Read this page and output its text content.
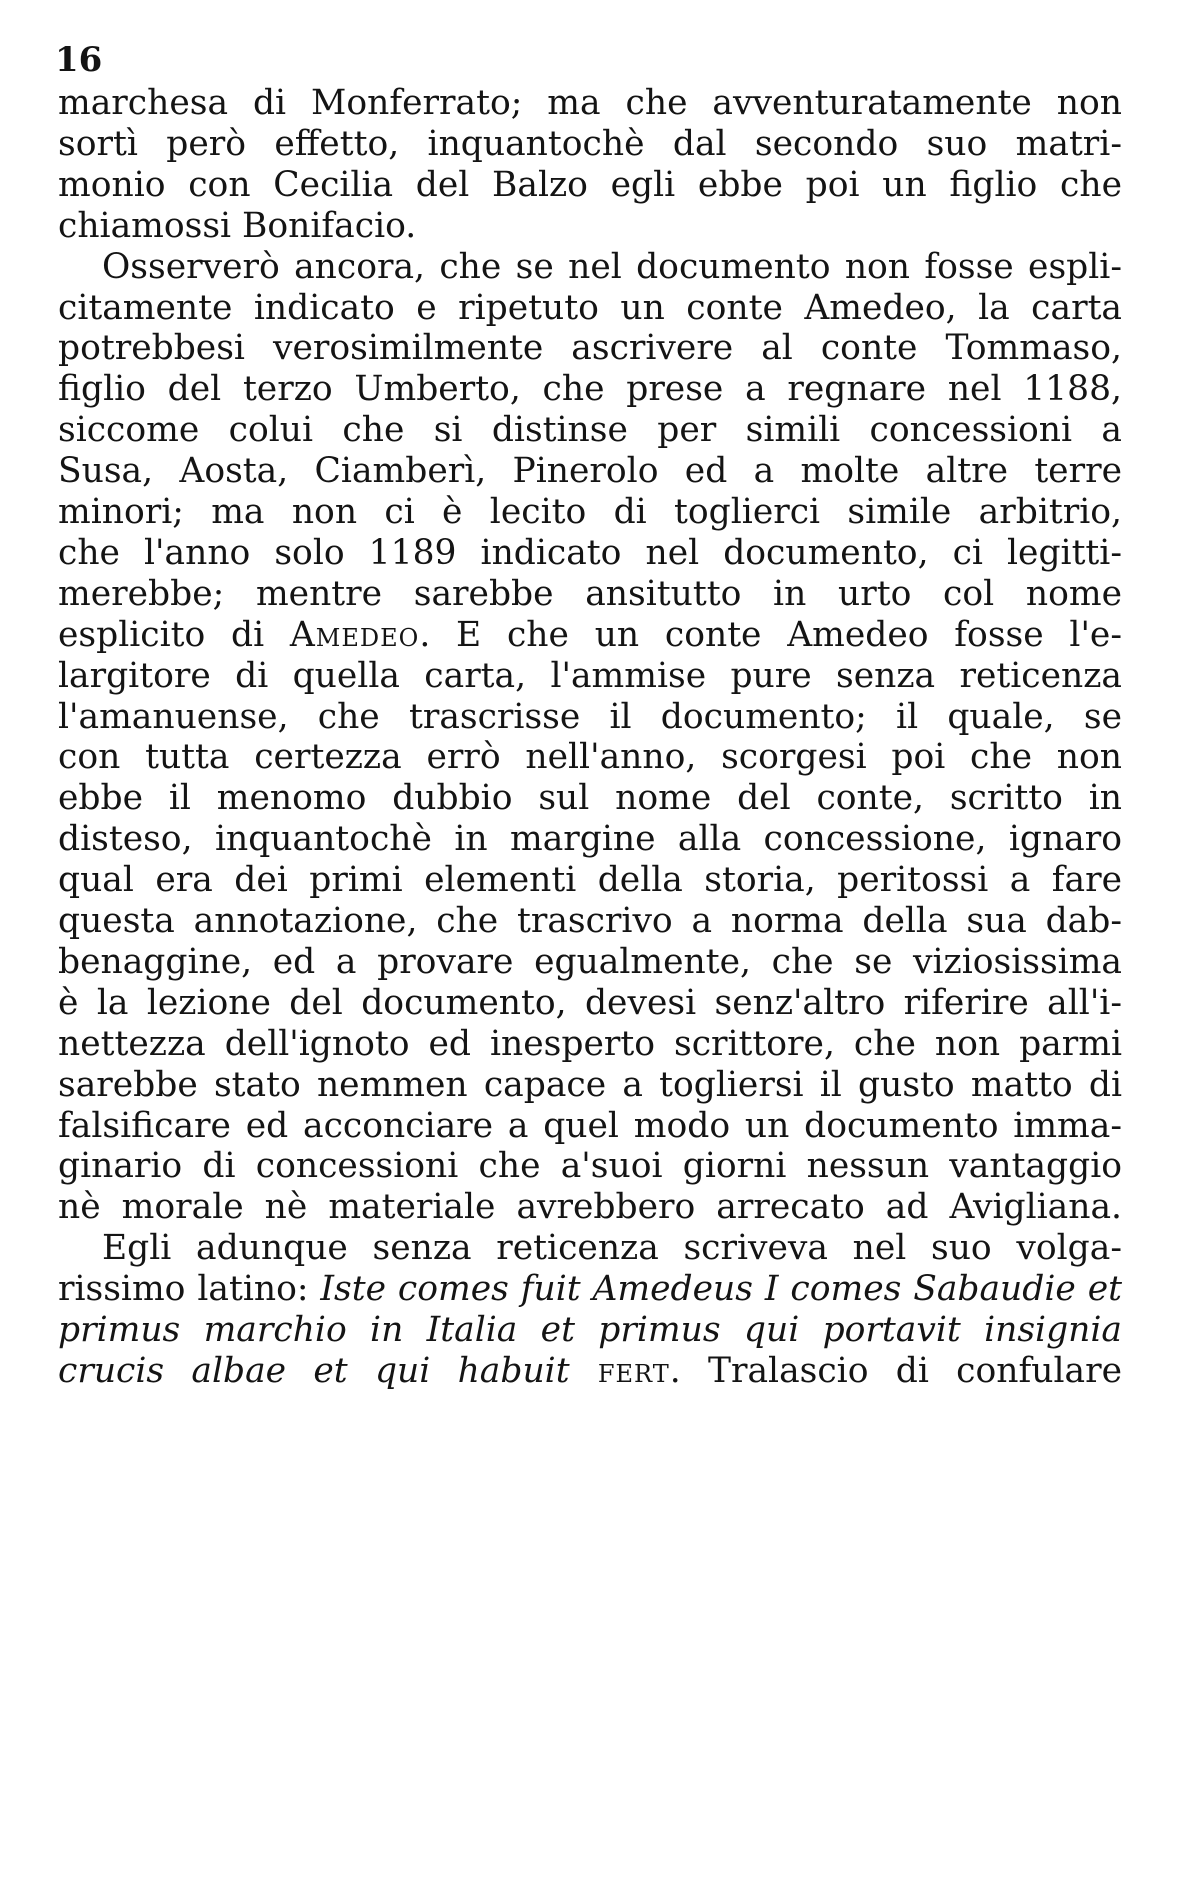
16

marchesa di Monferrato; ma che avventuratamente non

sortì però effetto, inquantochè dal secondo suo matri-

monio con Cecilia del Balzo egli ebbe poi un figlio che

chiamossi Bonifacio.

Osserverò ancora, che se nel documento non fosse espli-

citamente indicato e ripetuto un conte Amedeo, la carta

potrebbesi verosimilmente ascrivere al conte Tommaso,

figlio del terzo Umberto, che prese a regnare nel 1188,

siccome colui che si distinse per simili concessioni a

Susa, Aosta, Ciamberì, Pinerolo ed a molte altre terre

minori; ma non ci è lecito di toglierci simile arbitrio,

che l'anno solo 1189 indicato nel documento, ci legitti-

merebbe; mentre sarebbe ansitutto in urto col nome

esplicito di Amedeo. E che un conte Amedeo fosse l'e-

largitore di quella carta, l'ammise pure senza reticenza

l'amanuense, che trascrisse il documento; il quale, se

con tutta certezza errò nell'anno, scorgesi poi che non

ebbe il menomo dubbio sul nome del conte, scritto in

disteso, inquantochè in margine alla concessione, ignaro

qual era dei primi elementi della storia, peritossi a fare

questa annotazione, che trascrivo a norma della sua dab-

benaggine, ed a provare egualmente, che se viziosissima

è la lezione del documento, devesi senz'altro riferire all'i-

nettezza dell'ignoto ed inesperto scrittore, che non parmi

sarebbe stato nemmen capace a togliersi il gusto matto di

falsificare ed acconciare a quel modo un documento imma-

ginario di concessioni che a'suoi giorni nessun vantaggio

nè morale nè materiale avrebbero arrecato ad Avigliana.

Egli adunque senza reticenza scriveva nel suo volga-

rissimo latino: Iste comes fuit Amedeus I comes Sabaudie et

primus marchio in Italia et primus qui portavit insignia

crucis albae et qui habuit fert. Tralascio di confulare
